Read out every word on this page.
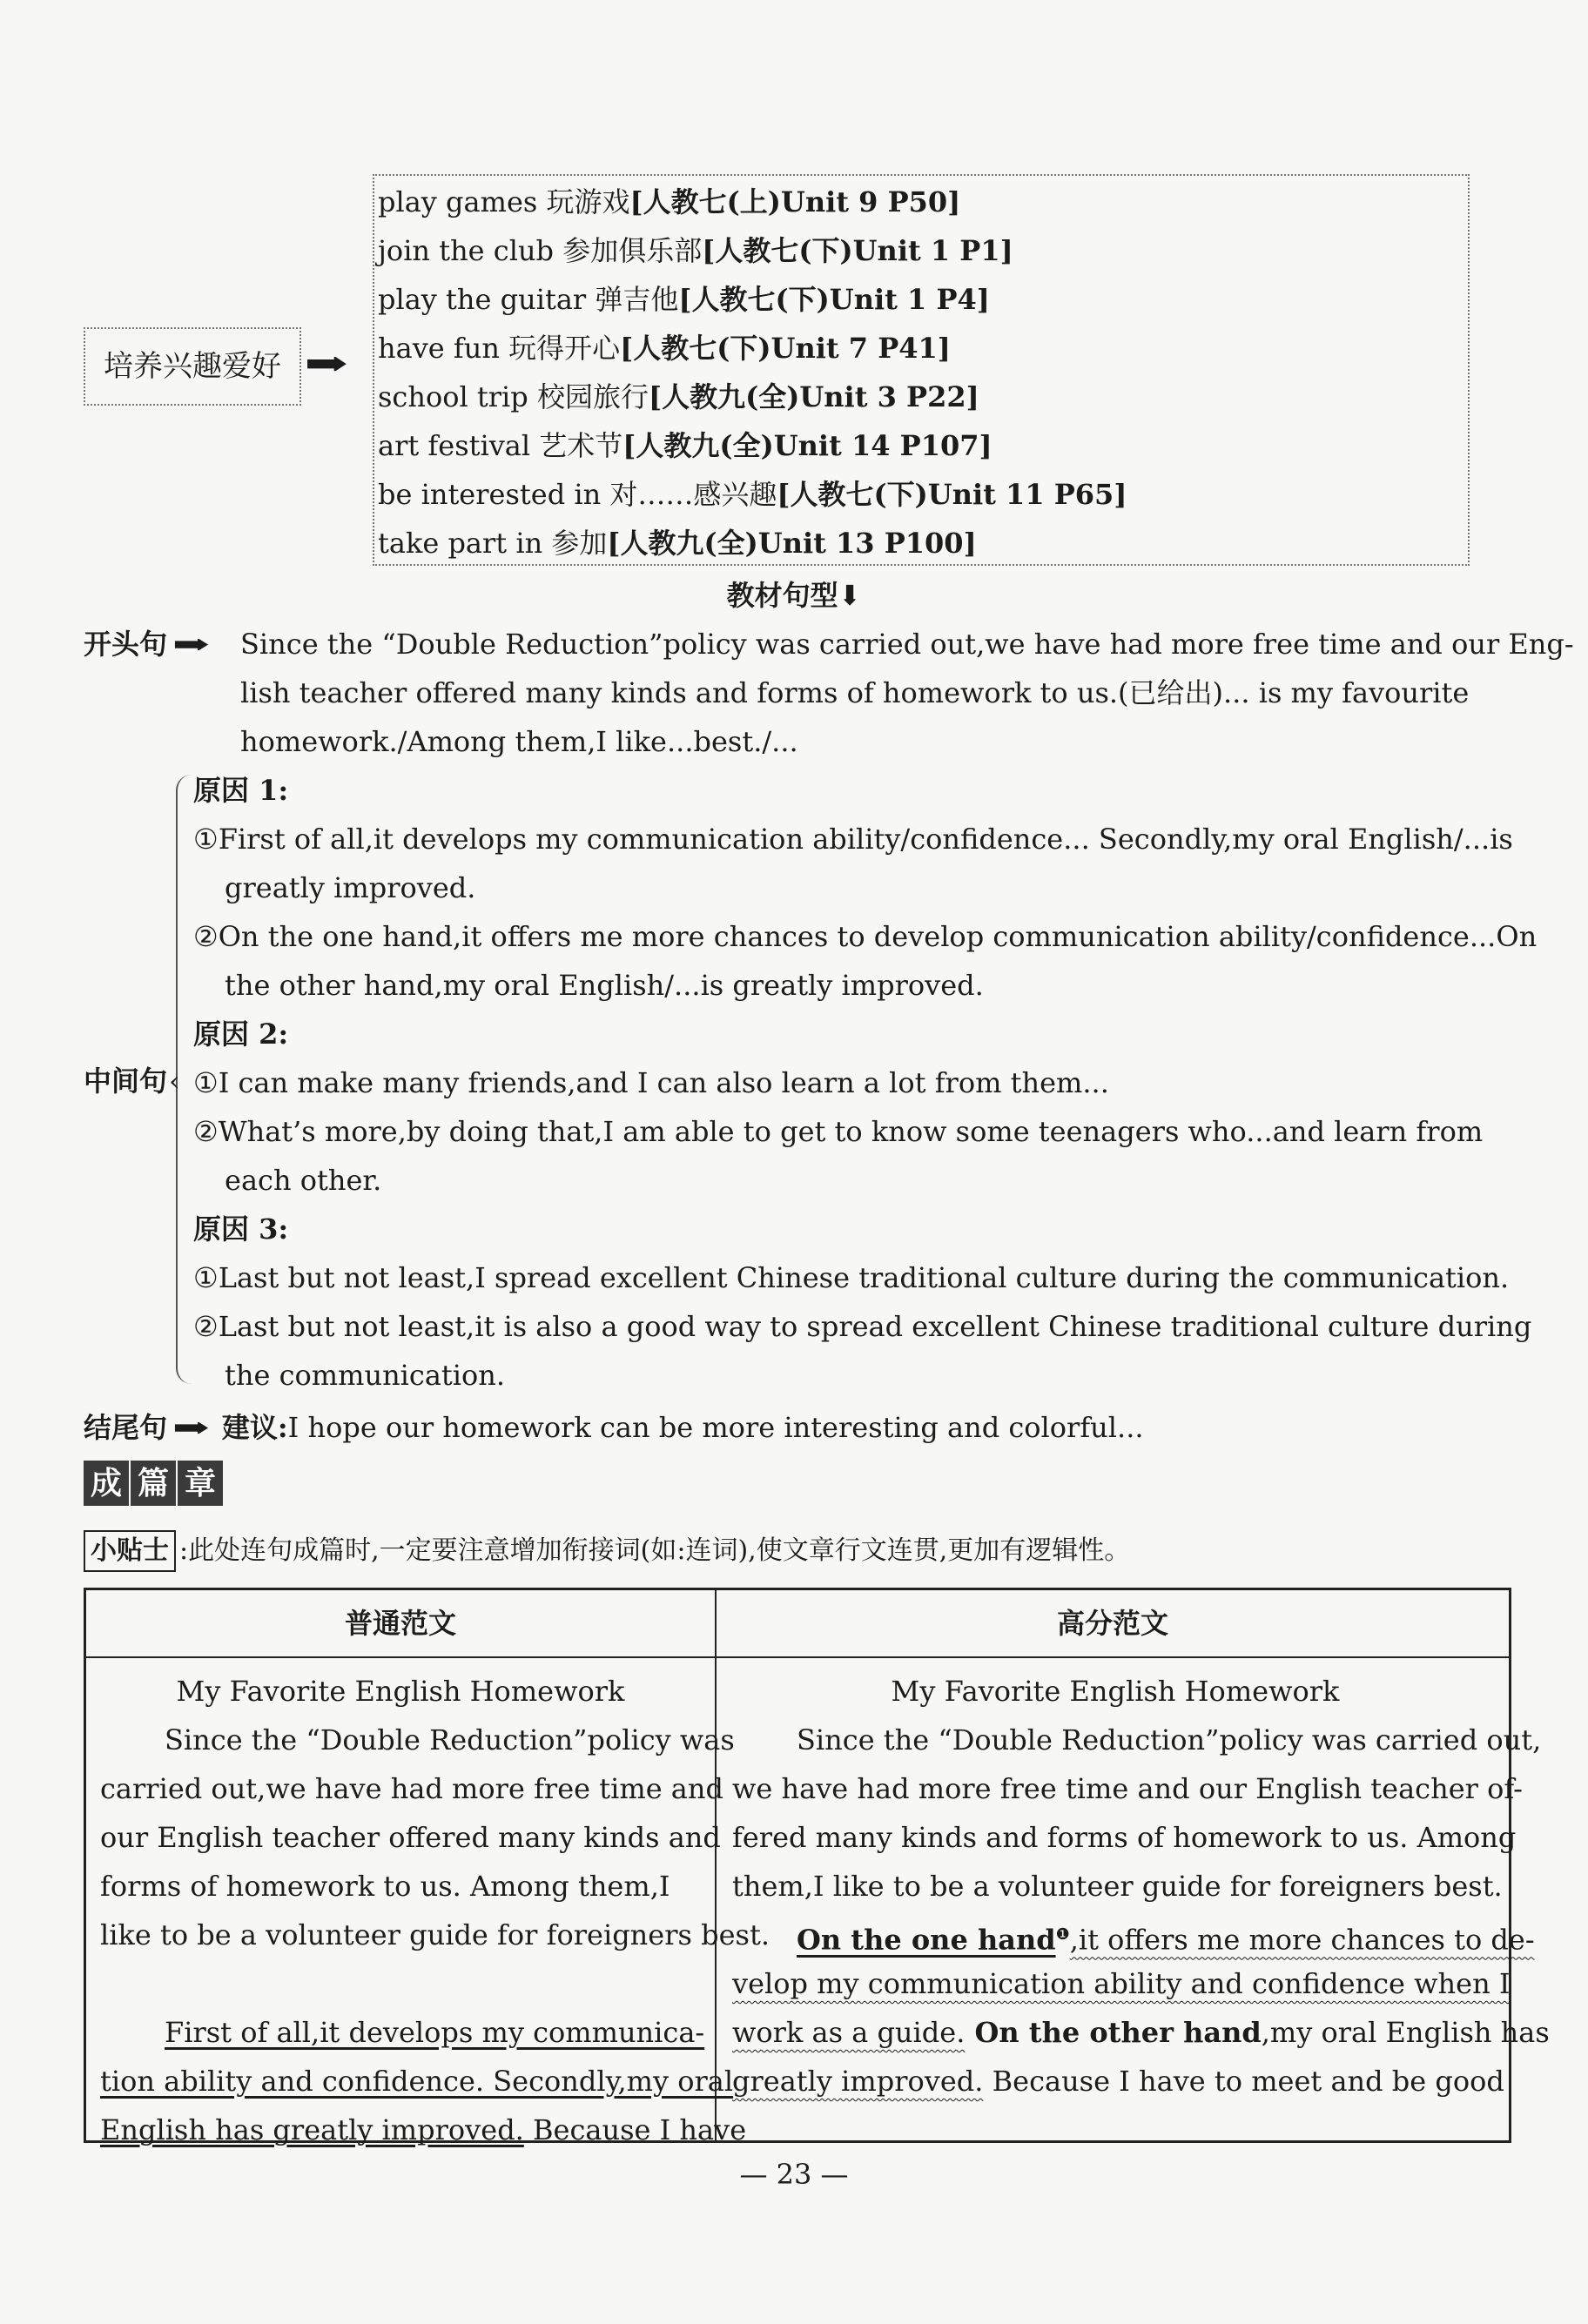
培养兴趣爱好 ➡
play games 玩游戏[人教七(上)Unit 9 P50]
join the club 参加俱乐部[人教七(下)Unit 1 P1]
play the guitar 弹吉他[人教七(下)Unit 1 P4]
have fun 玩得开心[人教七(下)Unit 7 P41]
school trip 校园旅行[人教九(全)Unit 3 P22]
art festival 艺术节[人教九(全)Unit 14 P107]
be interested in 对……感兴趣[人教七(下)Unit 11 P65]
take part in 参加[人教九(全)Unit 13 P100]
教材句型⬇
开头句 ➡	Since the “Double Reduction”policy was carried out,we have had more free time and our Eng-
lish teacher offered many kinds and forms of homework to us.(已给出)... is my favourite
homework./Among them,I like...best./...
中间句 ‹
原因 1:
①First of all,it develops my communication ability/confidence... Secondly,my oral English/...is
greatly improved.
②On the one hand,it offers me more chances to develop communication ability/confidence...On
the other hand,my oral English/...is greatly improved.
原因 2:
①I can make many friends,and I can also learn a lot from them...
②What’s more,by doing that,I am able to get to know some teenagers who...and learn from
each other.
原因 3:
①Last but not least,I spread excellent Chinese traditional culture during the communication.
②Last but not least,it is also a good way to spread excellent Chinese traditional culture during
the communication.
结尾句 ➡ 建议:I hope our homework can be more interesting and colorful...
成 篇 章
小贴士 :此处连句成篇时,一定要注意增加衔接词(如:连词),使文章行文连贯,更加有逻辑性。
普通范文	高分范文
My Favorite English Homework
Since the “Double Reduction”policy was
carried out,we have had more free time and
our English teacher offered many kinds and
forms of homework to us. Among them,I
like to be a volunteer guide for foreigners best.
First of all,it develops my communica-
tion ability and confidence. Secondly,my oral
English has greatly improved. Because I have
My Favorite English Homework
Since the “Double Reduction”policy was carried out,
we have had more free time and our English teacher of-
fered many kinds and forms of homework to us. Among
them,I like to be a volunteer guide for foreigners best.
On the one hand$^❶$,it offers me more chances to de-
velop my communication ability and confidence when I
work as a guide. On the other hand,my oral English has
greatly improved. Because I have to meet and be good
— 23 —
